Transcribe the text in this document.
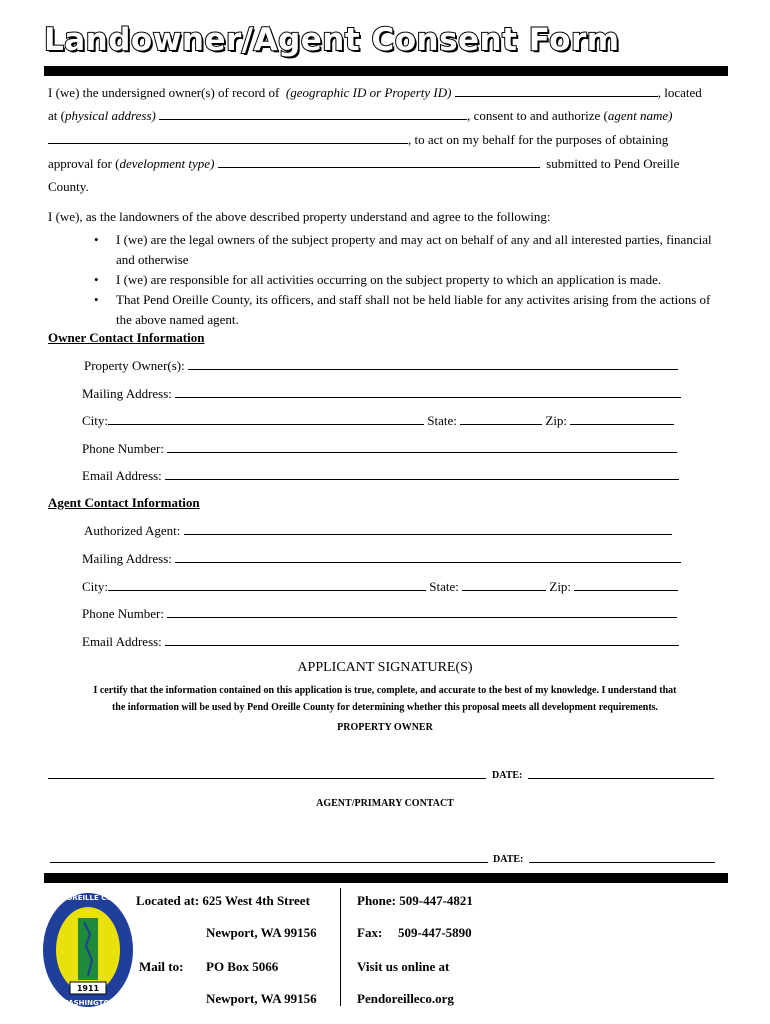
Landowner/Agent Consent Form
I (we) the undersigned owner(s) of record of (geographic ID or Property ID)	, located
at (physical address)	, consent to and authorize (agent name)
, to act on my behalf for the purposes of obtaining
approval for (development type)	submitted to Pend Oreille
County.
I (we), as the landowners of the above described property understand and agree to the following:
• I (we) are the legal owners of the subject property and may act on behalf of any and all interested parties, financial and otherwise
• I (we) are responsible for all activities occurring on the subject property to which an application is made.
• That Pend Oreille County, its officers, and staff shall not be held liable for any activites arising from the actions of the above named agent.
Owner Contact Information
Property Owner(s):
Mailing Address:
City:	State:	Zip:
Phone Number:
Email Address:
Agent Contact Information
Authorized Agent:
Mailing Address:
City:	State:	Zip:
Phone Number:
Email Address:
APPLICANT SIGNATURE(S)
I certify that the information contained on this application is true, complete, and accurate to the best of my knowledge. I understand that
the information will be used by Pend Oreille County for determining whether this proposal meets all development requirements.
PROPERTY OWNER
DATE:
AGENT/PRIMARY CONTACT
DATE:
1911
PEND OREILLE COUNTY
WASHINGTON
Located at: 625 West 4th Street
Newport, WA 99156
Mail to: PO Box 5066
Newport, WA 99156
Phone: 509-447-4821
Fax: 509-447-5890
Visit us online at
Pendoreilleco.org
